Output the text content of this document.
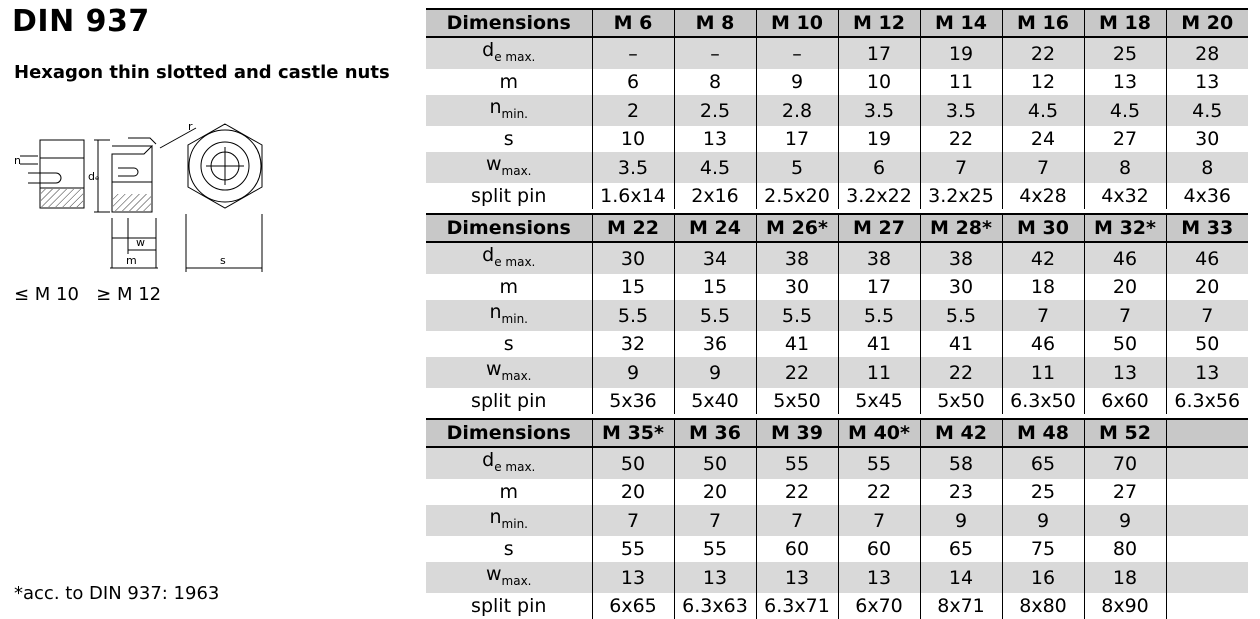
DIN 937
Hexagon thin slotted and castle nuts
n
dₑ
w
m	s
r
≤ M 10 ≥ M 12
*acc. to DIN 937: 1963
Dimensions	M 6	M 8	M 10	M 12	M 14	M 16	M 18	M 20
$d_{e max.}$	–	–	–	17	19	22	25	28
m	6	8	9	10	11	12	13	13
$n_{min.}$	2	2.5	2.8	3.5	3.5	4.5	4.5	4.5
s	10	13	17	19	22	24	27	30
$w_{max.}$	3.5	4.5	5	6	7	7	8	8
split pin	1.6x14	2x16	2.5x20	3.2x22	3.2x25	4x28	4x32	4x36
Dimensions	M 22	M 24	M 26*	M 27	M 28*	M 30	M 32*	M 33
$d_{e max.}$	30	34	38	38	38	42	46	46
m	15	15	30	17	30	18	20	20
$n_{min.}$	5.5	5.5	5.5	5.5	5.5	7	7	7
s	32	36	41	41	41	46	50	50
$w_{max.}$	9	9	22	11	22	11	13	13
split pin	5x36	5x40	5x50	5x45	5x50	6.3x50	6x60	6.3x56
Dimensions	M 35*	M 36	M 39	M 40*	M 42	M 48	M 52	
$d_{e max.}$	50	50	55	55	58	65	70	
m	20	20	22	22	23	25	27	
$n_{min.}$	7	7	7	7	9	9	9	
s	55	55	60	60	65	75	80	
$w_{max.}$	13	13	13	13	14	16	18	
split pin	6x65	6.3x63	6.3x71	6x70	8x71	8x80	8x90	
